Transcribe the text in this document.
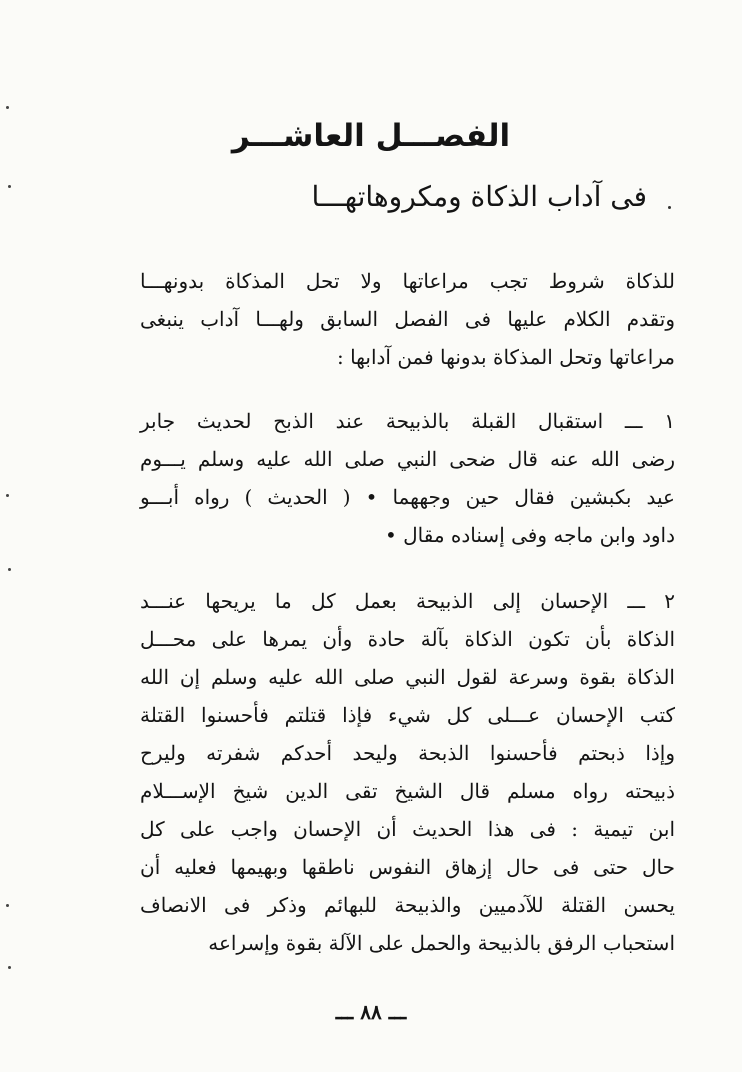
الفصـــل العاشـــر
فى آداب الذكاة ومكروهاتهـــا
للذكاة شروط تجب مراعاتها ولا تحل المذكاة بدونهـــا
وتقدم الكلام عليها فى الفصل السابق ولهـــا آداب ينبغى
مراعاتها وتحل المذكاة بدونها فمن آدابها :
١ ـــ استقبال القبلة بالذبيحة عند الذبح لحديث جابر
رضى الله عنه قال ضحى النبي صلى الله عليه وسلم يـــوم
عيد بكبشين فقال حين وجههما • ( الحديث ) رواه أبـــو
داود وابن ماجه وفى إسناده مقال •
٢ ـــ الإحسان إلى الذبيحة بعمل كل ما يريحها عنـــد
الذكاة بأن تكون الذكاة بآلة حادة وأن يمرها على محـــل
الذكاة بقوة وسرعة لقول النبي صلى الله عليه وسلم إن الله
كتب الإحسان عـــلى كل شيء فإذا قتلتم فأحسنوا القتلة
وإذا ذبحتم فأحسنوا الذبحة وليحد أحدكم شفرته وليرح
ذبيحته رواه مسلم قال الشيخ تقى الدين شيخ الإســـلام
ابن تيمية : فى هذا الحديث أن الإحسان واجب على كل
حال حتى فى حال إزهاق النفوس ناطقها وبهيمها فعليه أن
يحسن القتلة للآدميين والذبيحة للبهائم وذكر فى الانصاف
استحباب الرفق بالذبيحة والحمل على الآلة بقوة وإسراعه
ـــ ٨٨ ـــ
